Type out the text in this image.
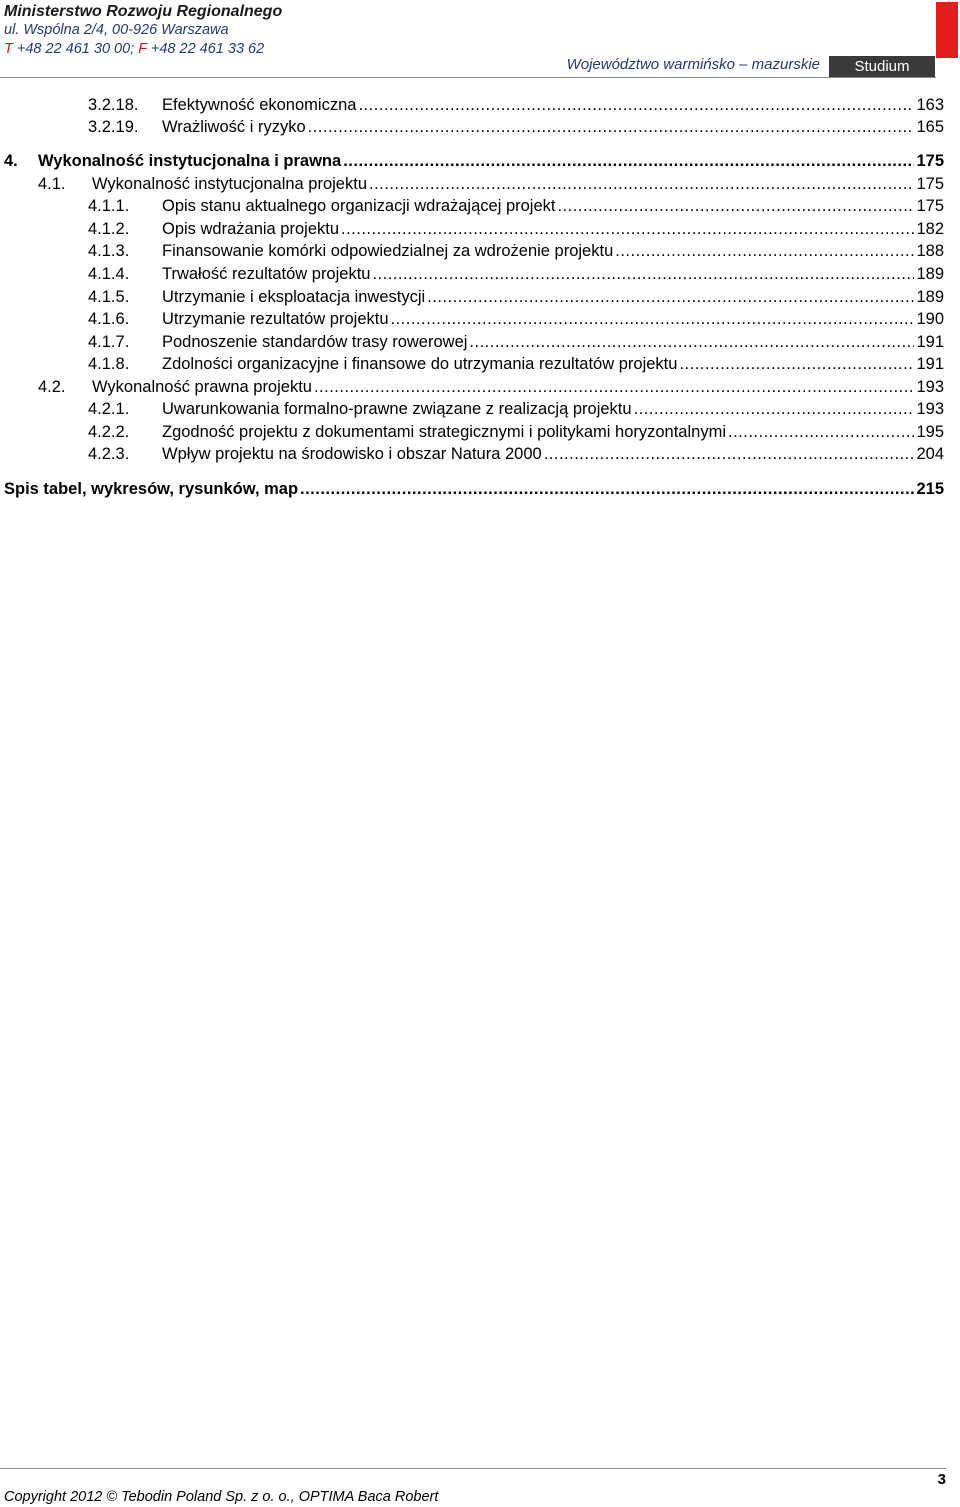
Ministerstwo Rozwoju Regionalnego
ul. Wspólna 2/4, 00-926 Warszawa
T +48 22 461 30 00; F +48 22 461 33 62
Województwo warmińsko – mazurskie	Studium
3.2.18.	Efektywność ekonomiczna .....	163
3.2.19.	Wrażliwość i ryzyko .....	165
4.	Wykonalność instytucjonalna i prawna .....	175
4.1.	Wykonalność instytucjonalna projektu .....	175
4.1.1.	Opis stanu aktualnego organizacji wdrażającej projekt .....	175
4.1.2.	Opis wdrażania projektu .....	182
4.1.3.	Finansowanie komórki odpowiedzialnej za wdrożenie projektu .....	188
4.1.4.	Trwałość rezultatów projektu .....	189
4.1.5.	Utrzymanie i eksploatacja inwestycji .....	189
4.1.6.	Utrzymanie rezultatów projektu .....	190
4.1.7.	Podnoszenie standardów trasy rowerowej .....	191
4.1.8.	Zdolności organizacyjne i finansowe do utrzymania rezultatów projektu .....	191
4.2.	Wykonalność prawna projektu .....	193
4.2.1.	Uwarunkowania formalno-prawne związane z realizacją projektu .....	193
4.2.2.	Zgodność projektu z dokumentami strategicznymi i politykami horyzontalnymi .....	195
4.2.3.	Wpływ projektu na środowisko i obszar Natura 2000 .....	204
Spis tabel, wykresów, rysunków, map .....	215
3
Copyright 2012 © Tebodin Poland Sp. z o. o., OPTIMA Baca Robert
